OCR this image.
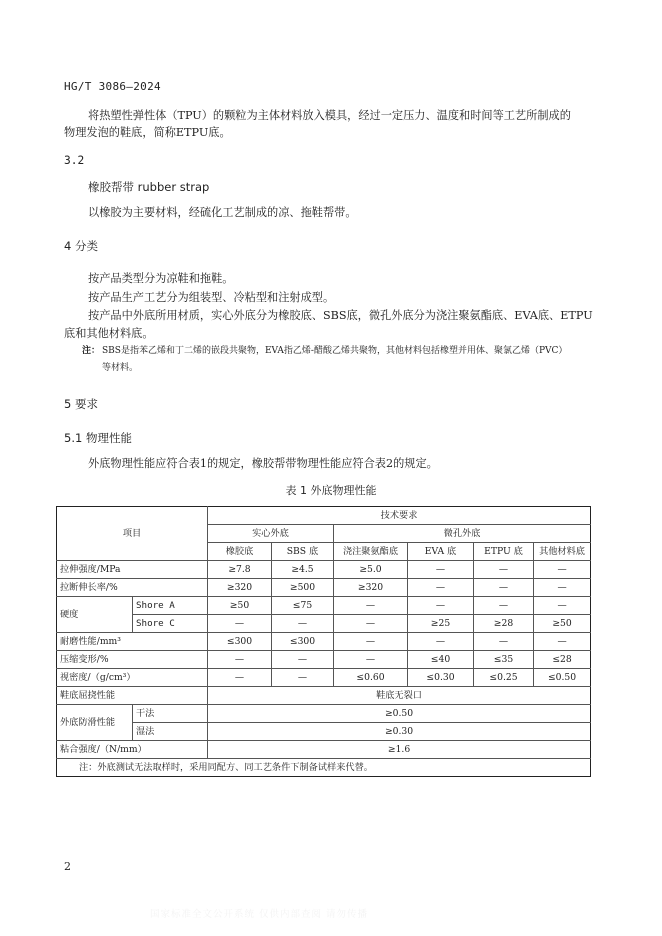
HG/T 3086—2024
将热塑性弹性体（TPU）的颗粒为主体材料放入模具，经过一定压力、温度和时间等工艺所制成的
物理发泡的鞋底，简称ETPU底。
3.2
橡胶帮带 rubber strap
以橡胶为主要材料，经硫化工艺制成的凉、拖鞋帮带。
4 分类
按产品类型分为凉鞋和拖鞋。
按产品生产工艺分为组装型、冷粘型和注射成型。
按产品中外底所用材质，实心外底分为橡胶底、SBS底，微孔外底分为浇注聚氨酯底、EVA底、ETPU
底和其他材料底。
注： SBS是指苯乙烯和丁二烯的嵌段共聚物，EVA指乙烯-醋酸乙烯共聚物，其他材料包括橡塑并用体、聚氯乙烯（PVC）
等材料。
5 要求
5.1 物理性能
外底物理性能应符合表1的规定，橡胶帮带物理性能应符合表2的规定。
表 1 外底物理性能
项目		技术要求					
		实心外底		微孔外底			
		橡胶底	SBS 底	浇注聚氨酯底	EVA 底	ETPU 底	其他材料底
拉伸强度/MPa		≥7.8	≥4.5	≥5.0	—	—	—
拉断伸长率/%		≥320	≥500	≥320	—	—	—
硬度	Shore A	≥50	≤75	—	—	—	—
	Shore C	—	—	—	≥25	≥28	≥50
耐磨性能/mm³		≤300	≤300	—	—	—	—
压缩变形/%		—	—	—	≤40	≤35	≤28
视密度/（g/cm³）		—	—	≤0.60	≤0.30	≤0.25	≤0.50
鞋底屈挠性能		鞋底无裂口					
外底防滑性能	干法	≥0.50					
	湿法	≥0.30					
粘合强度/（N/mm）		≥1.6					
注：外底测试无法取样时，采用同配方、同工艺条件下制备试样来代替。							
2
国家标准全文公开系统 仅供内部查阅 请勿传播
